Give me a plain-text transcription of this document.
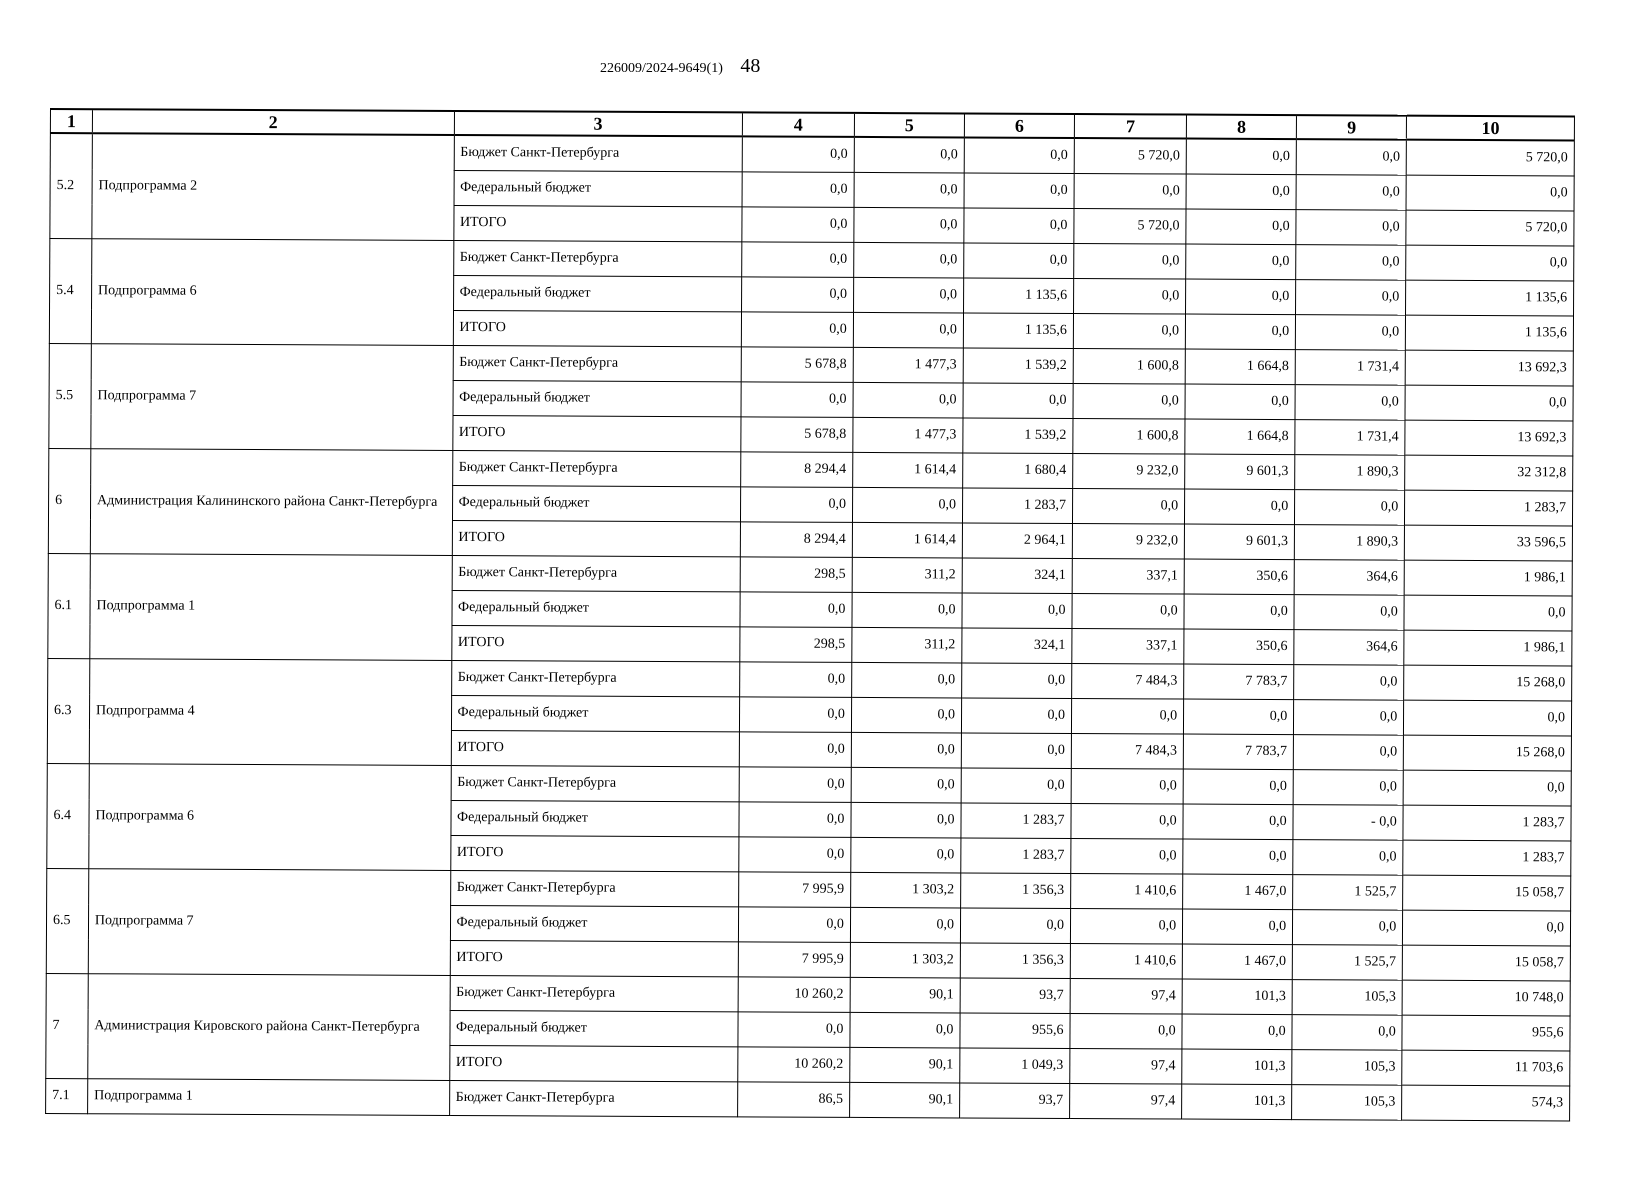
226009/2024-9649(1) 48
1	2	3	4	5	6	7	8	9	10
5.2	Подпрограмма 2	Бюджет Санкт-Петербурга	0,0	0,0	0,0	5 720,0	0,0	0,0	5 720,0
		Федеральный бюджет	0,0	0,0	0,0	0,0	0,0	0,0	0,0
		ИТОГО	0,0	0,0	0,0	5 720,0	0,0	0,0	5 720,0
5.4	Подпрограмма 6	Бюджет Санкт-Петербурга	0,0	0,0	0,0	0,0	0,0	0,0	0,0
		Федеральный бюджет	0,0	0,0	1 135,6	0,0	0,0	0,0	1 135,6
		ИТОГО	0,0	0,0	1 135,6	0,0	0,0	0,0	1 135,6
5.5	Подпрограмма 7	Бюджет Санкт-Петербурга	5 678,8	1 477,3	1 539,2	1 600,8	1 664,8	1 731,4	13 692,3
		Федеральный бюджет	0,0	0,0	0,0	0,0	0,0	0,0	0,0
		ИТОГО	5 678,8	1 477,3	1 539,2	1 600,8	1 664,8	1 731,4	13 692,3
6	Администрация Калининского района Санкт-Петербурга	Бюджет Санкт-Петербурга	8 294,4	1 614,4	1 680,4	9 232,0	9 601,3	1 890,3	32 312,8
		Федеральный бюджет	0,0	0,0	1 283,7	0,0	0,0	0,0	1 283,7
		ИТОГО	8 294,4	1 614,4	2 964,1	9 232,0	9 601,3	1 890,3	33 596,5
6.1	Подпрограмма 1	Бюджет Санкт-Петербурга	298,5	311,2	324,1	337,1	350,6	364,6	1 986,1
		Федеральный бюджет	0,0	0,0	0,0	0,0	0,0	0,0	0,0
		ИТОГО	298,5	311,2	324,1	337,1	350,6	364,6	1 986,1
6.3	Подпрограмма 4	Бюджет Санкт-Петербурга	0,0	0,0	0,0	7 484,3	7 783,7	0,0	15 268,0
		Федеральный бюджет	0,0	0,0	0,0	0,0	0,0	0,0	0,0
		ИТОГО	0,0	0,0	0,0	7 484,3	7 783,7	0,0	15 268,0
6.4	Подпрограмма 6	Бюджет Санкт-Петербурга	0,0	0,0	0,0	0,0	0,0	0,0	0,0
		Федеральный бюджет	0,0	0,0	1 283,7	0,0	0,0	- 0,0	1 283,7
		ИТОГО	0,0	0,0	1 283,7	0,0	0,0	0,0	1 283,7
6.5	Подпрограмма 7	Бюджет Санкт-Петербурга	7 995,9	1 303,2	1 356,3	1 410,6	1 467,0	1 525,7	15 058,7
		Федеральный бюджет	0,0	0,0	0,0	0,0	0,0	0,0	0,0
		ИТОГО	7 995,9	1 303,2	1 356,3	1 410,6	1 467,0	1 525,7	15 058,7
7	Администрация Кировского района Санкт-Петербурга	Бюджет Санкт-Петербурга	10 260,2	90,1	93,7	97,4	101,3	105,3	10 748,0
		Федеральный бюджет	0,0	0,0	955,6	0,0	0,0	0,0	955,6
		ИТОГО	10 260,2	90,1	1 049,3	97,4	101,3	105,3	11 703,6
7.1	Подпрограмма 1	Бюджет Санкт-Петербурга	86,5	90,1	93,7	97,4	101,3	105,3	574,3
